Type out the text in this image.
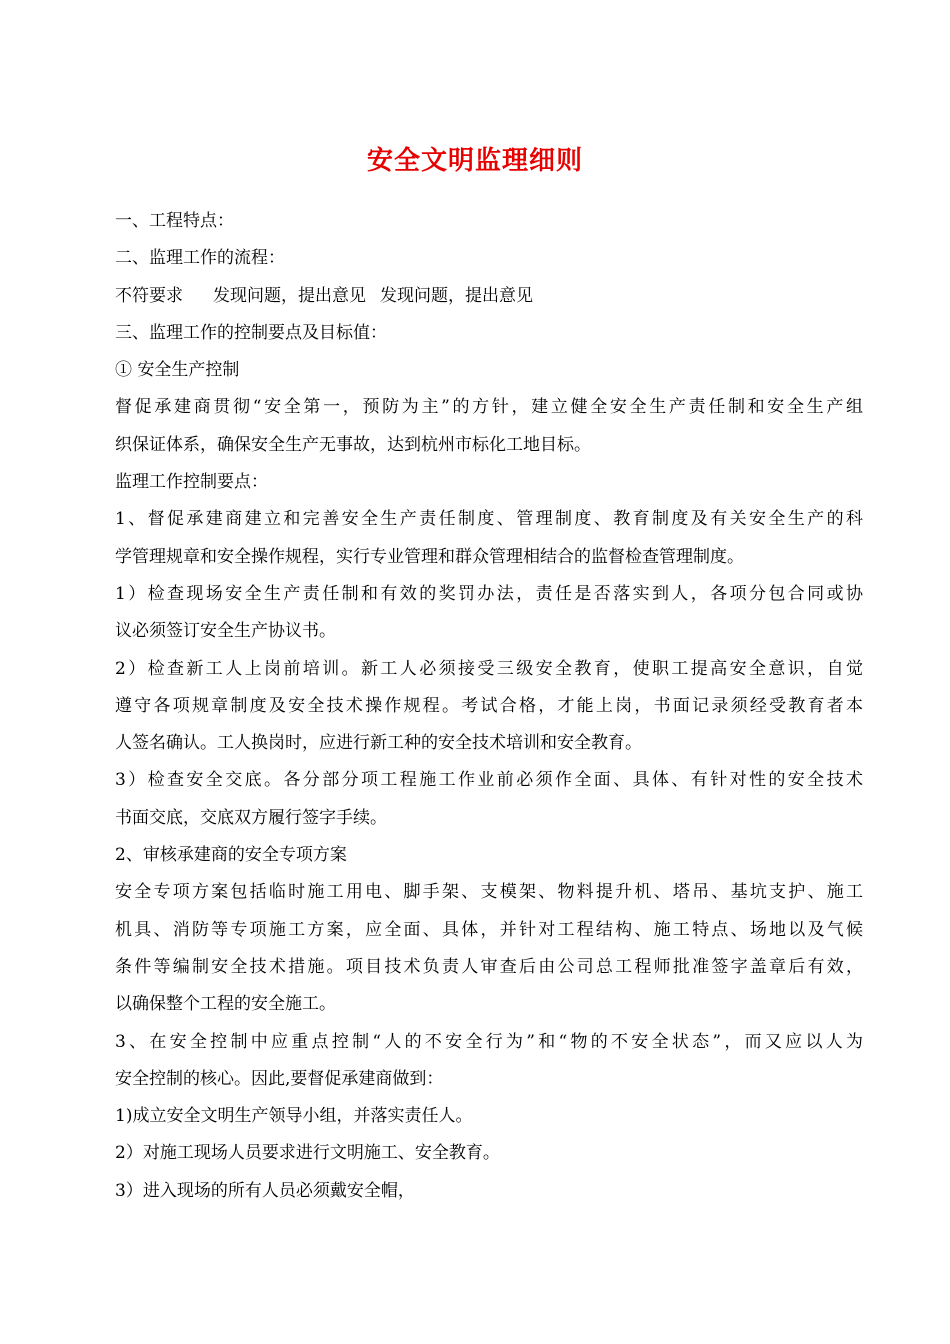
安全文明监理细则
一、工程特点：
二、监理工作的流程：
不符要求 发现问题，提出意见 发现问题，提出意见
三、监理工作的控制要点及目标值：
① 安全生产控制
督促承建商贯彻“安全第一，预防为主”的方针，建立健全安全生产责任制和安全生产组
织保证体系，确保安全生产无事故，达到杭州市标化工地目标。
监理工作控制要点：
1、督促承建商建立和完善安全生产责任制度、管理制度、教育制度及有关安全生产的科
学管理规章和安全操作规程，实行专业管理和群众管理相结合的监督检查管理制度。
1）检查现场安全生产责任制和有效的奖罚办法，责任是否落实到人，各项分包合同或协
议必须签订安全生产协议书。
2）检查新工人上岗前培训。新工人必须接受三级安全教育，使职工提高安全意识，自觉
遵守各项规章制度及安全技术操作规程。考试合格，才能上岗，书面记录须经受教育者本
人签名确认。工人换岗时，应进行新工种的安全技术培训和安全教育。
3）检查安全交底。各分部分项工程施工作业前必须作全面、具体、有针对性的安全技术
书面交底，交底双方履行签字手续。
2、审核承建商的安全专项方案
安全专项方案包括临时施工用电、脚手架、支模架、物料提升机、塔吊、基坑支护、施工
机具、消防等专项施工方案，应全面、具体，并针对工程结构、施工特点、场地以及气候
条件等编制安全技术措施。项目技术负责人审查后由公司总工程师批准签字盖章后有效，
以确保整个工程的安全施工。
3、在安全控制中应重点控制“人的不安全行为”和“物的不安全状态”，而又应以人为
安全控制的核心。因此,要督促承建商做到：
1)成立安全文明生产领导小组，并落实责任人。
2）对施工现场人员要求进行文明施工、安全教育。
3）进入现场的所有人员必须戴安全帽，
